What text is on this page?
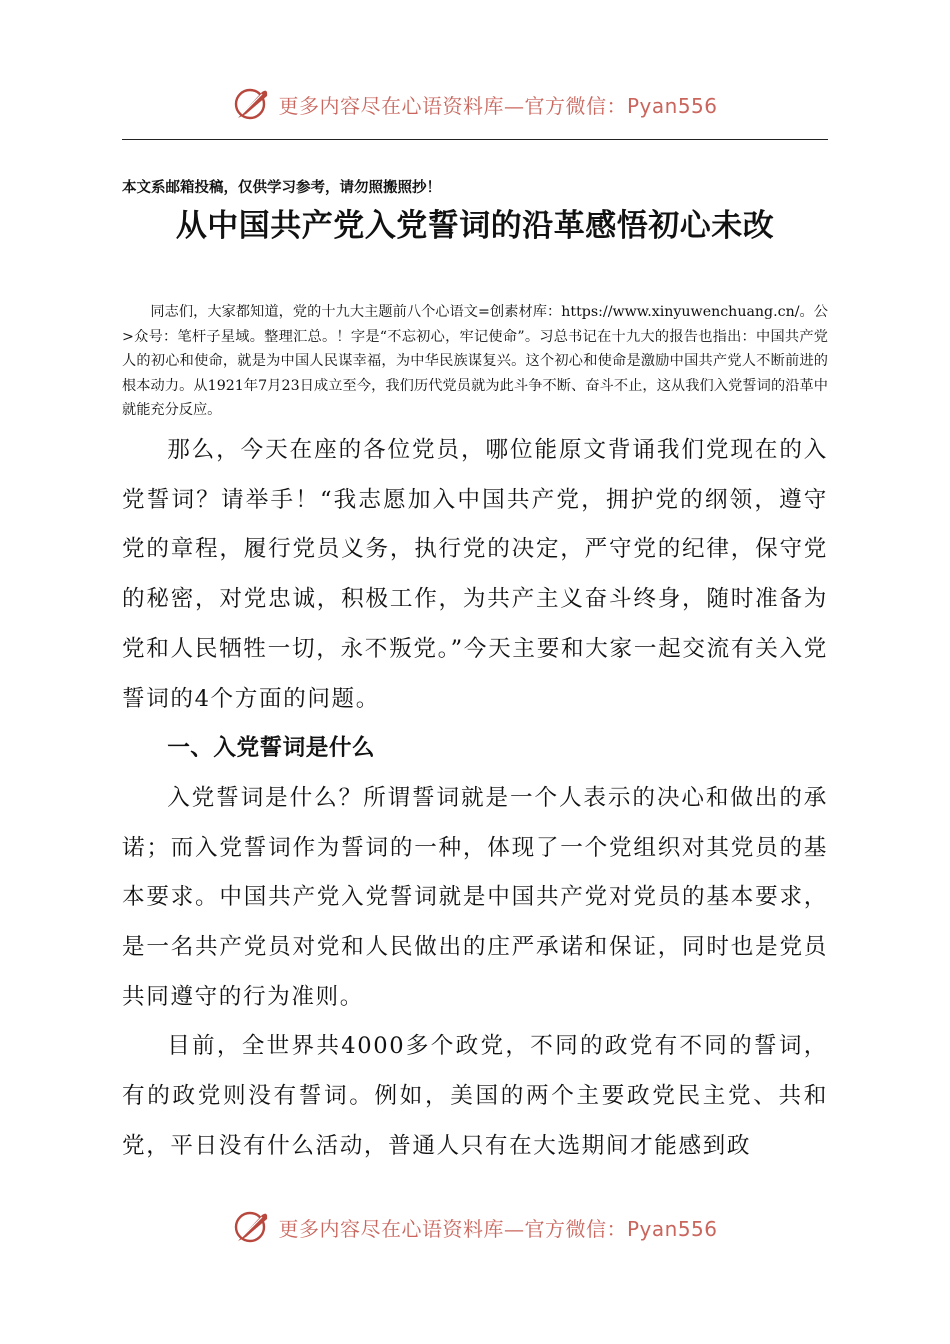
更多内容尽在心语资料库—官方微信：Pyan556
本文系邮箱投稿，仅供学习参考，请勿照搬照抄！
从中国共产党入党誓词的沿革感悟初心未改

同志们，大家都知道，党的十九大主题前八个心语文=创素材库：https://www.xinyuwenchuang.cn/。公>众号：笔杆子星域。整理汇总。！字是“不忘初心，牢记使命”。习总书记在十九大的报告也指出：中国共产党人的初心和使命，就是为中国人民谋幸福，为中华民族谋复兴。这个初心和使命是激励中国共产党人不断前进的根本动力。从1921年7月23日成立至今，我们历代党员就为此斗争不断、奋斗不止，这从我们入党誓词的沿革中就能充分反应。

那么，今天在座的各位党员，哪位能原文背诵我们党现在的入党誓词？请举手！“我志愿加入中国共产党，拥护党的纲领，遵守党的章程，履行党员义务，执行党的决定，严守党的纪律，保守党的秘密，对党忠诚，积极工作，为共产主义奋斗终身，随时准备为党和人民牺牲一切，永不叛党。”今天主要和大家一起交流有关入党誓词的4个方面的问题。

一、入党誓词是什么

入党誓词是什么？所谓誓词就是一个人表示的决心和做出的承诺；而入党誓词作为誓词的一种，体现了一个党组织对其党员的基本要求。中国共产党入党誓词就是中国共产党对党员的基本要求，是一名共产党员对党和人民做出的庄严承诺和保证，同时也是党员共同遵守的行为准则。

目前，全世界共4000多个政党，不同的政党有不同的誓词，有的政党则没有誓词。例如，美国的两个主要政党民主党、共和党，平日没有什么活动，普通人只有在大选期间才能感到政

更多内容尽在心语资料库—官方微信：Pyan556
